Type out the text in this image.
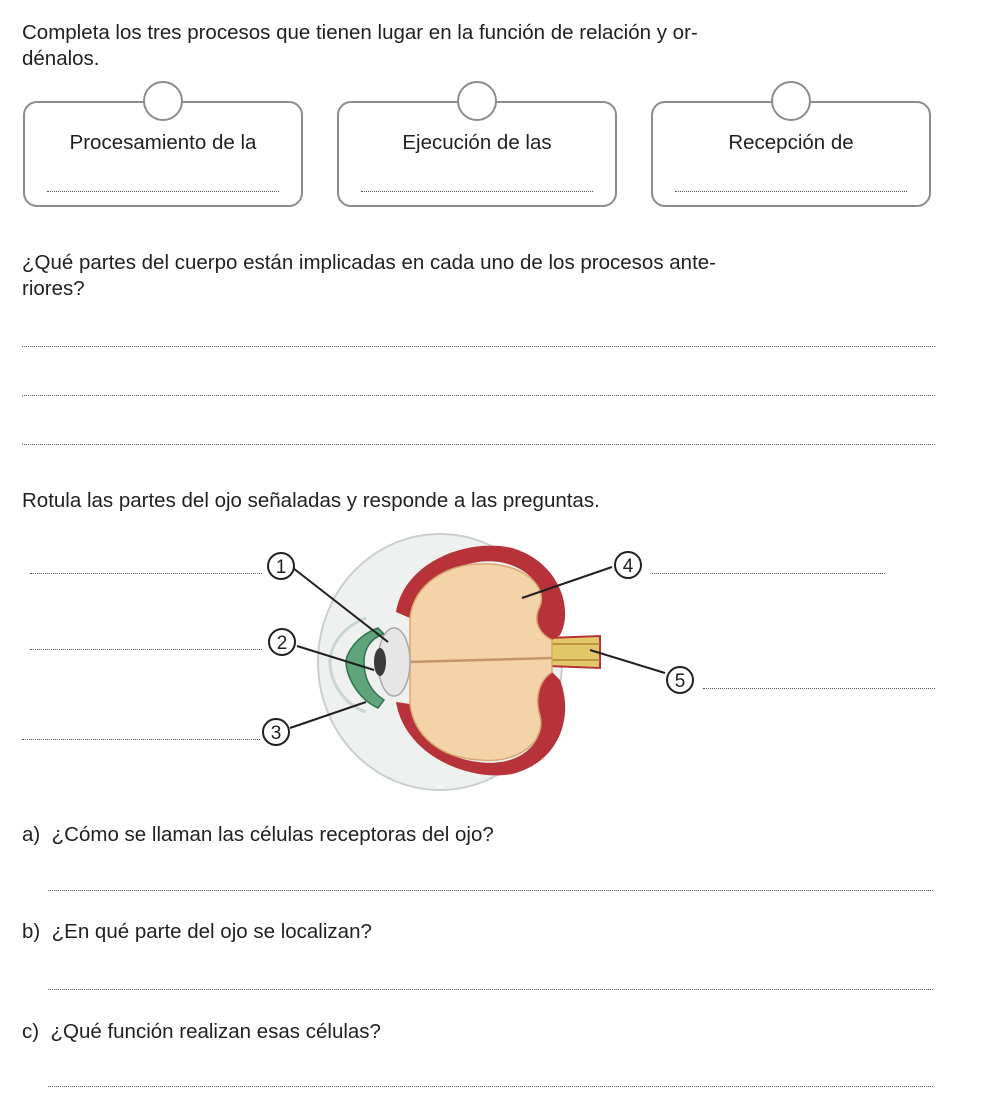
Completa los tres procesos que tienen lugar en la función de relación y or-
dénalos.
Procesamiento de la	Ejecución de las	Recepción de
¿Qué partes del cuerpo están implicadas en cada uno de los procesos ante-
riores?
Rotula las partes del ojo señaladas y responde a las preguntas.
1
2
3
4
5
a) ¿Cómo se llaman las células receptoras del ojo?
b) ¿En qué parte del ojo se localizan?
c) ¿Qué función realizan esas células?
